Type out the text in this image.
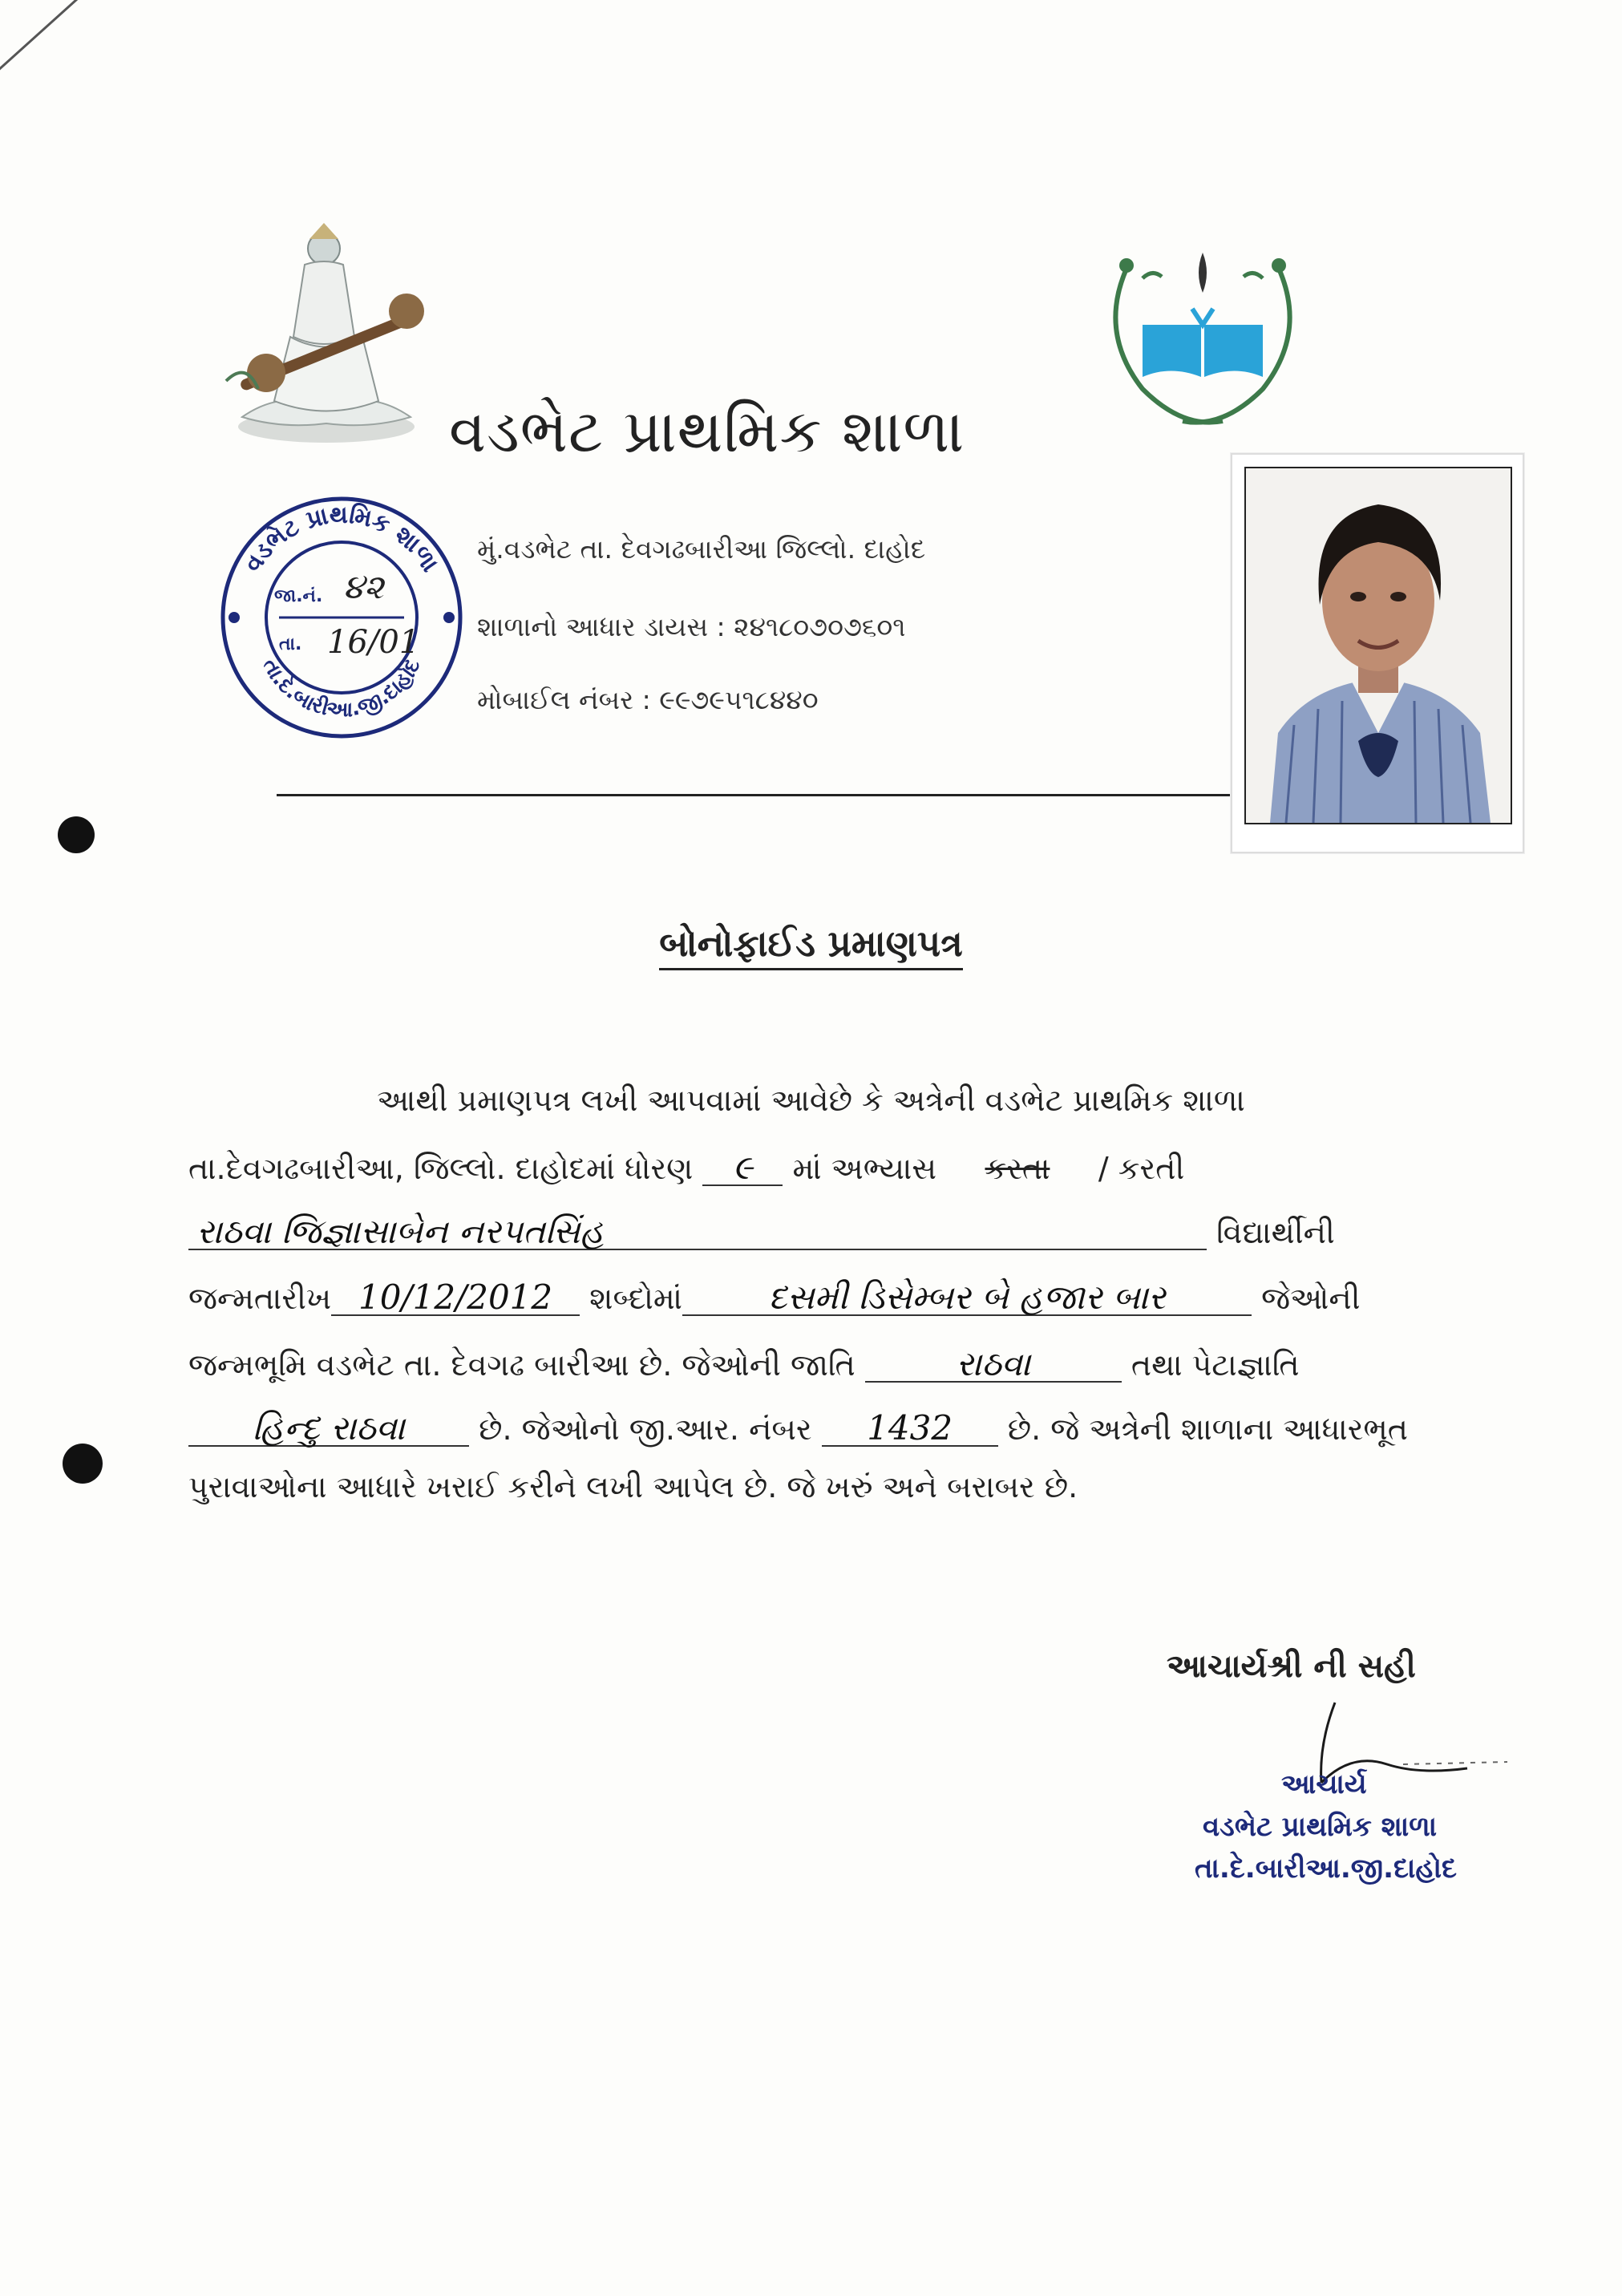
વડભેટ પ્રાથમિક શાળા
વડભેટ પ્રાથમિક શાળા
તા.દે.બારીઆ.જી.દાહોદ
જા.નં. ૪૨
તા. 16/01
મું.વડભેટ તા. દેવગઢબારીઆ જિલ્લો. દાહોદ
શાળાનો આધાર ડાયસ : ૨૪૧૮૦૭૦૭૬૦૧
મોબાઈલ નંબર : ૯૯૭૯૫૧૮૪૪૦
બોનોફાઈડ પ્રમાણપત્ર
આથી પ્રમાણપત્ર લખી આપવામાં આવેછે કે અત્રેની વડભેટ પ્રાથમિક શાળા
તા.દેવગઢબારીઆ, જિલ્લો. દાહોદમાં ધોરણ ૯ માં અભ્યાસ કરતા / કરતી
રાઠવા જિજ્ઞાસાબેન નરપતસિંહ	વિદ્યાર્થીની
જન્મતારીખ 10/12/2012 શબ્દોમાં	દસમી ડિસેમ્બર બે હજાર બાર	જેઓની
જન્મભૂમિ વડભેટ તા. દેવગઢ બારીઆ છે. જેઓની જાતિ	રાઠવા	તથા પેટાજ્ઞાતિ
હિન્દુ રાઠવા છે. જેઓનો જી.આર. નંબર 1432 છે. જે અત્રેની શાળાના આધારભૂત
પુરાવાઓના આધારે ખરાઈ કરીને લખી આપેલ છે. જે ખરું અને બરાબર છે.
આચાર્યશ્રી ની સહી
આચાર્ય
વડભેટ પ્રાથમિક શાળા
તા.દે.બારીઆ.જી.દાહોદ
